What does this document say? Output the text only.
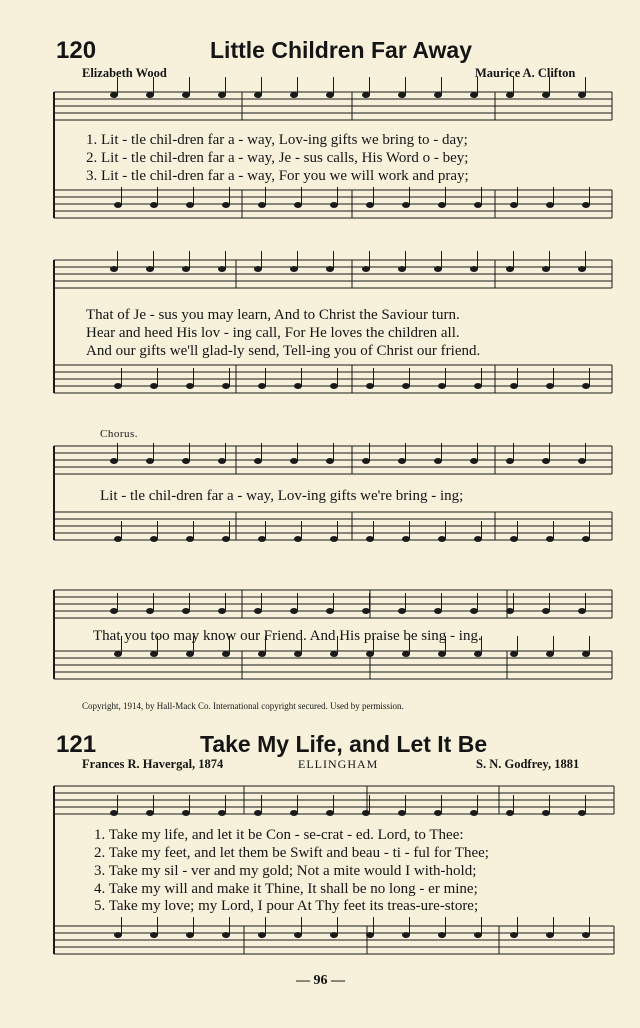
120	Little Children Far Away
Elizabeth Wood	Maurice A. Clifton
1. Lit - tle chil-dren far a - way, Lov-ing gifts we bring to - day;
2. Lit - tle chil-dren far a - way, Je - sus calls, His Word o - bey;
3. Lit - tle chil-dren far a - way, For you we will work and pray;
That of Je - sus you may learn, And to Christ the Saviour turn.
Hear and heed His lov - ing call, For He loves the children all.
And our gifts we'll glad-ly send, Tell-ing you of Christ our friend.
Chorus.
Lit - tle chil-dren far a - way, Lov-ing gifts we're bring - ing;
That you too may know our Friend. And His praise be sing - ing.
Copyright, 1914, by Hall-Mack Co. International copyright secured. Used by permission.
121	Take My Life, and Let It Be
Frances R. Havergal, 1874	ELLINGHAM	S. N. Godfrey, 1881
1. Take my life, and let it be Con - se-crat - ed. Lord, to Thee:
2. Take my feet, and let them be Swift and beau - ti - ful for Thee;
3. Take my sil - ver and my gold; Not a mite would I with-hold;
4. Take my will and make it Thine, It shall be no long - er mine;
5. Take my love; my Lord, I pour At Thy feet its treas-ure-store;
— 96 —
